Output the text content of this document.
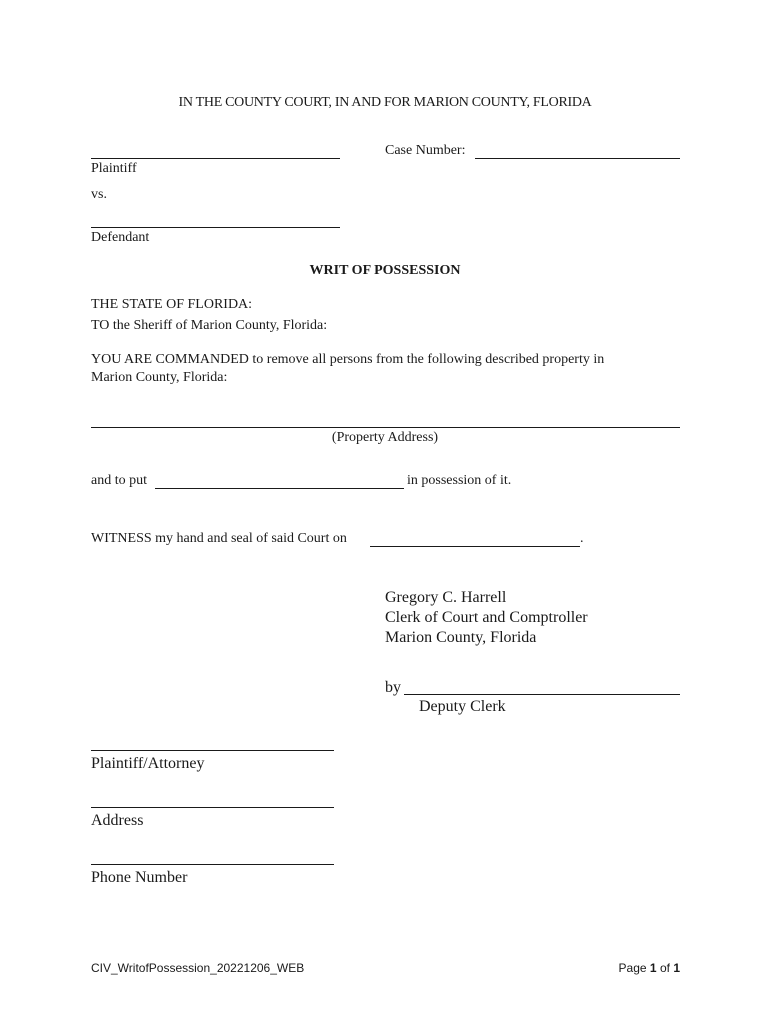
IN THE COUNTY COURT, IN AND FOR MARION COUNTY, FLORIDA
Plaintiff
Case Number:
vs.
Defendant
WRIT OF POSSESSION
THE STATE OF FLORIDA:
TO the Sheriff of Marion County, Florida:
YOU ARE COMMANDED to remove all persons from the following described property in
Marion County, Florida:
(Property Address)
and to put	in possession of it.
WITNESS my hand and seal of said Court on	.
Gregory C. Harrell
Clerk of Court and Comptroller
Marion County, Florida
by
Deputy Clerk
Plaintiff/Attorney
Address
Phone Number
CIV_WritofPossession_20221206_WEB	Page 1 of 1
